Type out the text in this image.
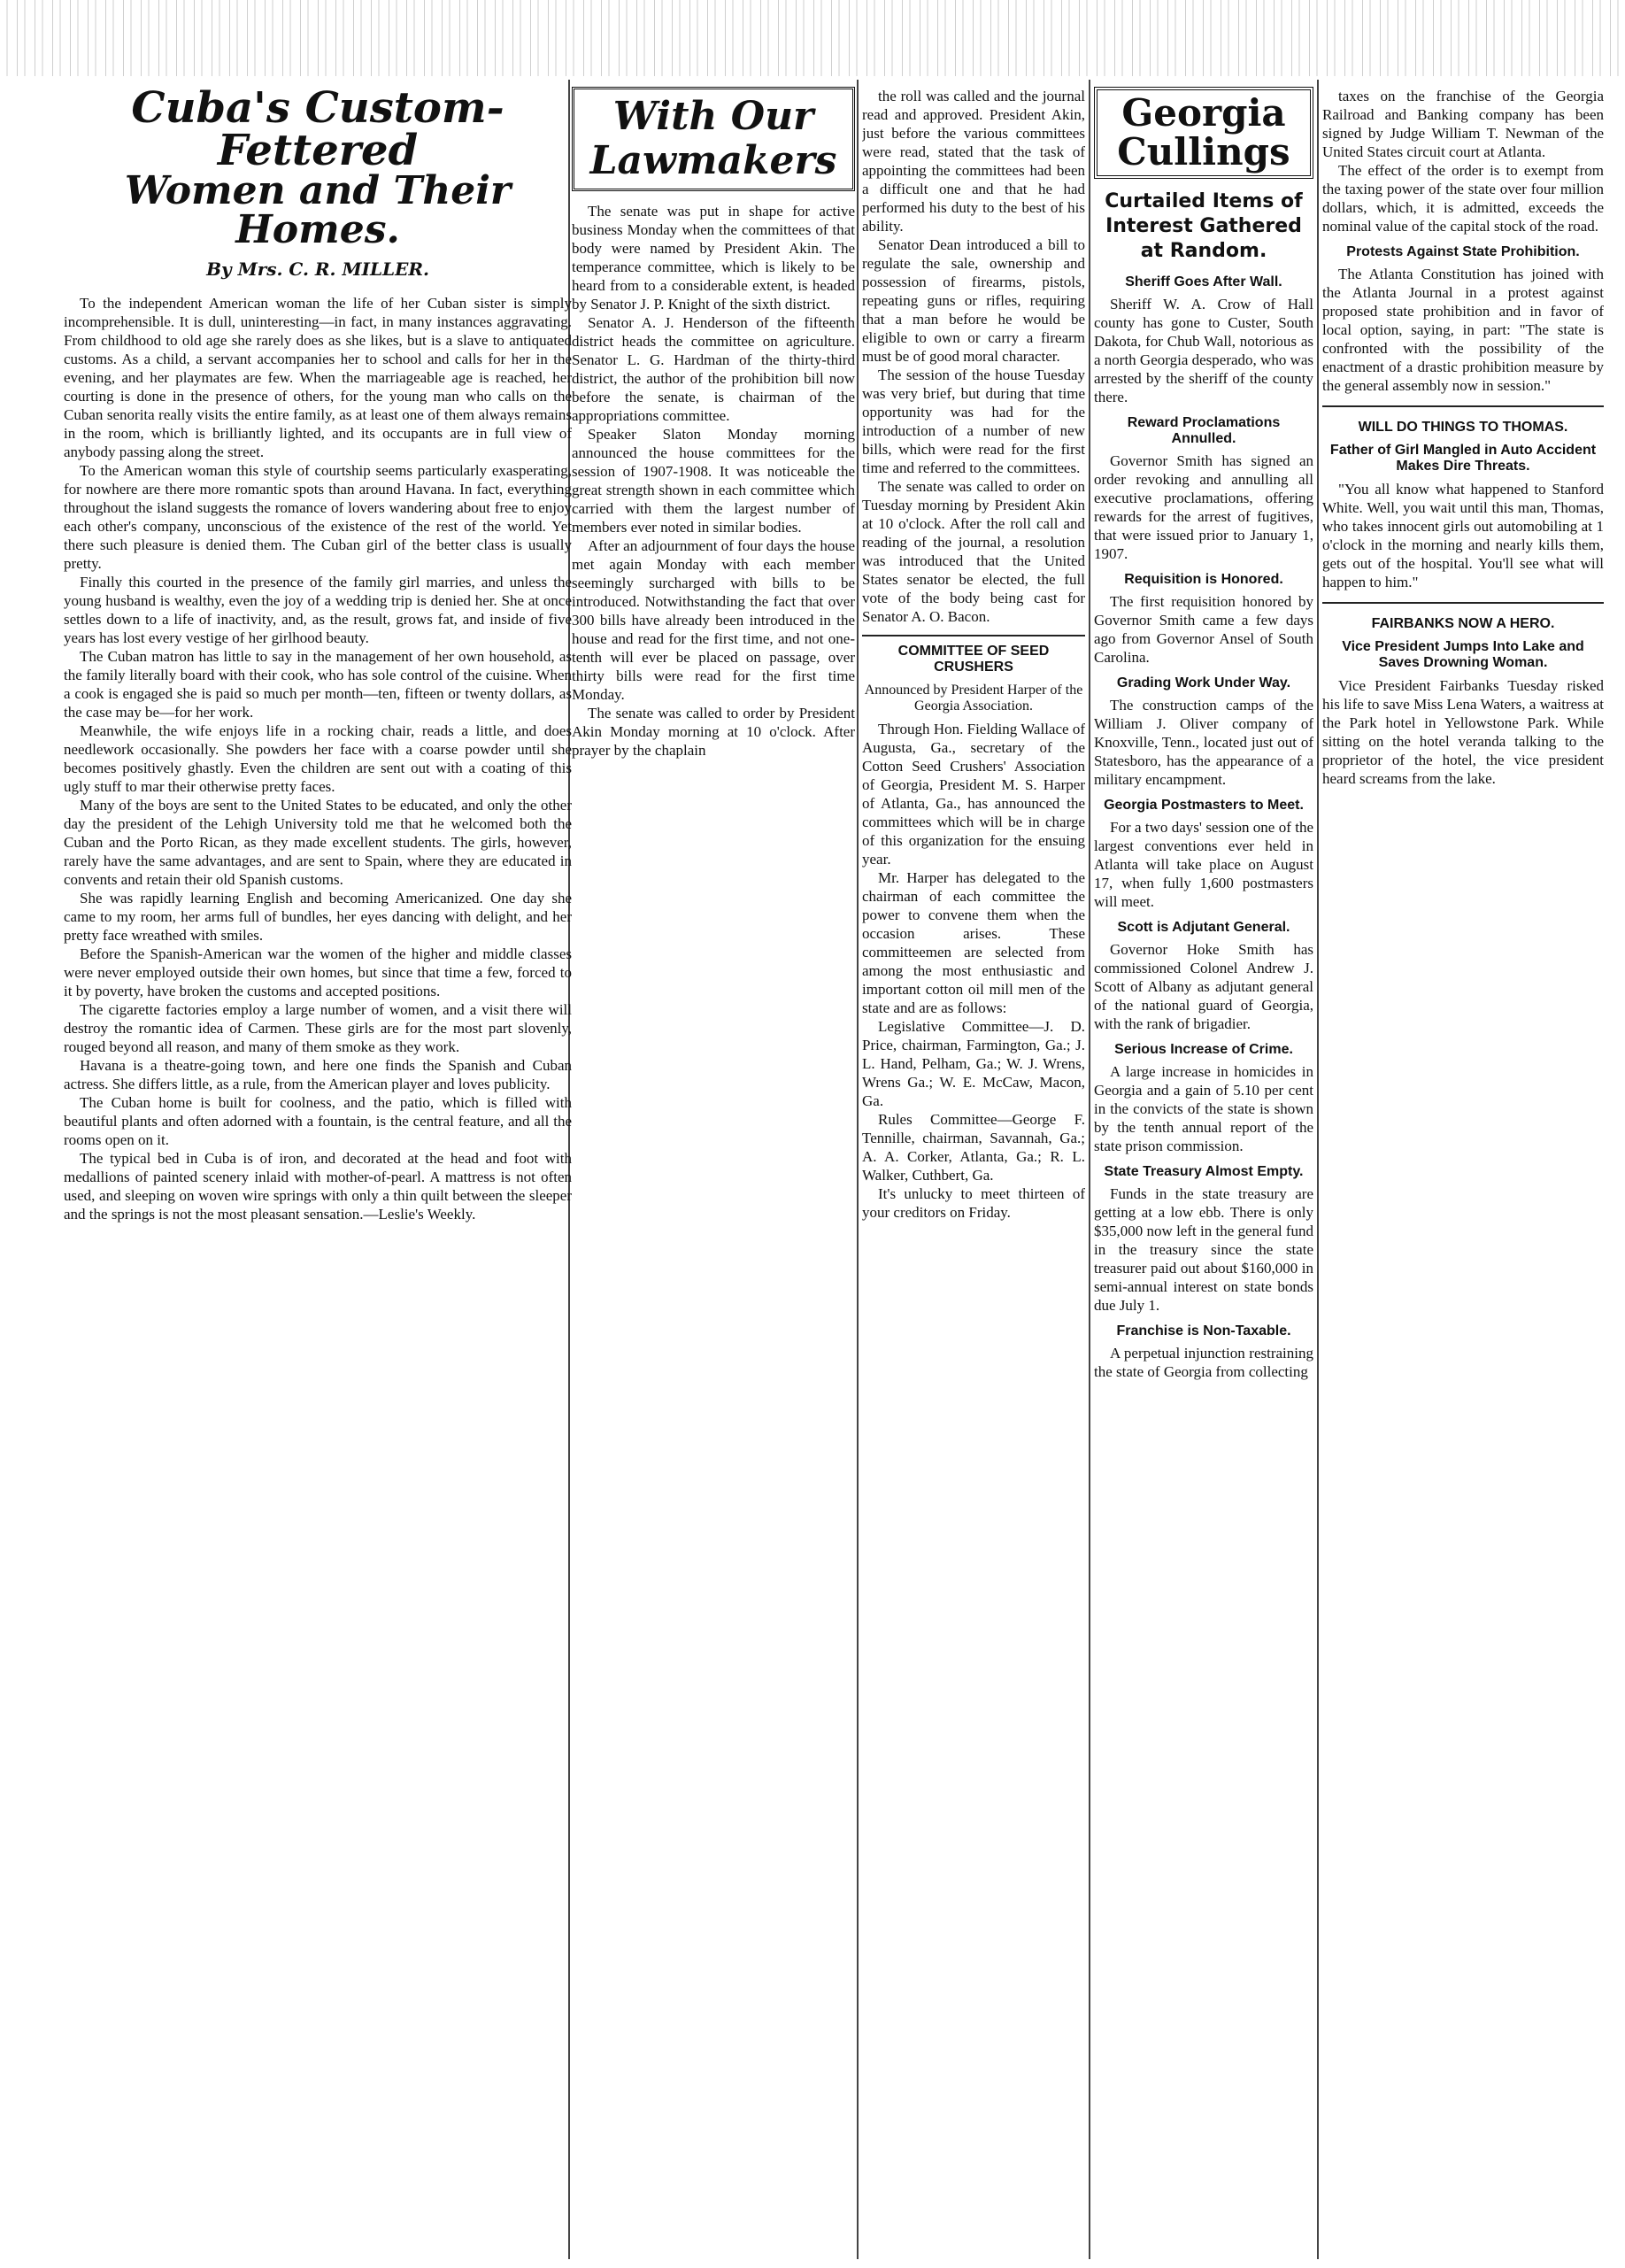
Cuba's Custom-Fettered
Women and Their Homes.
By Mrs. C. R. MILLER.

To the independent American woman the life of her Cuban sister is simply incomprehensible. It is dull, uninteresting—in fact, in many instances aggravating. From childhood to old age she rarely does as she likes, but is a slave to antiquated customs. As a child, a servant accompanies her to school and calls for her in the evening, and her playmates are few. When the marriageable age is reached, her courting is done in the presence of others, for the young man who calls on the Cuban senorita really visits the entire family, as at least one of them always remains in the room, which is brilliantly lighted, and its occupants are in full view of anybody passing along the street.

To the American woman this style of courtship seems particularly exasperating, for nowhere are there more romantic spots than around Havana. In fact, everything throughout the island suggests the romance of lovers wandering about free to enjoy each other's company, unconscious of the existence of the rest of the world. Yet there such pleasure is denied them. The Cuban girl of the better class is usually pretty.

Finally this courted in the presence of the family girl marries, and unless the young husband is wealthy, even the joy of a wedding trip is denied her. She at once settles down to a life of inactivity, and, as the result, grows fat, and inside of five years has lost every vestige of her girlhood beauty.

The Cuban matron has little to say in the management of her own household, as the family literally board with their cook, who has sole control of the cuisine. When a cook is engaged she is paid so much per month—ten, fifteen or twenty dollars, as the case may be—for her work.

Meanwhile, the wife enjoys life in a rocking chair, reads a little, and does needlework occasionally. She powders her face with a coarse powder until she becomes positively ghastly. Even the children are sent out with a coating of this ugly stuff to mar their otherwise pretty faces.

Many of the boys are sent to the United States to be educated, and only the other day the president of the Lehigh University told me that he welcomed both the Cuban and the Porto Rican, as they made excellent students. The girls, however, rarely have the same advantages, and are sent to Spain, where they are educated in convents and retain their old Spanish customs.

She was rapidly learning English and becoming Americanized. One day she came to my room, her arms full of bundles, her eyes dancing with delight, and her pretty face wreathed with smiles.

Before the Spanish-American war the women of the higher and middle classes were never employed outside their own homes, but since that time a few, forced to it by poverty, have broken the customs and accepted positions.

The cigarette factories employ a large number of women, and a visit there will destroy the romantic idea of Carmen. These girls are for the most part slovenly, rouged beyond all reason, and many of them smoke as they work.

Havana is a theatre-going town, and here one finds the Spanish and Cuban actress. She differs little, as a rule, from the American player and loves publicity.

The Cuban home is built for coolness, and the patio, which is filled with beautiful plants and often adorned with a fountain, is the central feature, and all the rooms open on it.

The typical bed in Cuba is of iron, and decorated at the head and foot with medallions of painted scenery inlaid with mother-of-pearl. A mattress is not often used, and sleeping on woven wire springs with only a thin quilt between the sleeper and the springs is not the most pleasant sensation.—Leslie's Weekly.

With Our Lawmakers

The senate was put in shape for active business Monday when the committees of that body were named by President Akin. The temperance committee, which is likely to be heard from to a considerable extent, is headed by Senator J. P. Knight of the sixth district.

Senator A. J. Henderson of the fifteenth district heads the committee on agriculture. Senator L. G. Hardman of the thirty-third district, the author of the prohibition bill now before the senate, is chairman of the appropriations committee.

Speaker Slaton Monday morning announced the house committees for the session of 1907-1908. It was noticeable the great strength shown in each committee which carried with them the largest number of members ever noted in similar bodies.

After an adjournment of four days the house met again Monday with each member seemingly surcharged with bills to be introduced. Notwithstanding the fact that over 300 bills have already been introduced in the house and read for the first time, and not one-tenth will ever be placed on passage, over thirty bills were read for the first time Monday.

The senate was called to order by President Akin Monday morning at 10 o'clock. After prayer by the chaplain

the roll was called and the journal read and approved. President Akin, just before the various committees were read, stated that the task of appointing the committees had been a difficult one and that he had performed his duty to the best of his ability.

Senator Dean introduced a bill to regulate the sale, ownership and possession of firearms, pistols, repeating guns or rifles, requiring that a man before he would be eligible to own or carry a firearm must be of good moral character.

The session of the house Tuesday was very brief, but during that time opportunity was had for the introduction of a number of new bills, which were read for the first time and referred to the committees.

The senate was called to order on Tuesday morning by President Akin at 10 o'clock. After the roll call and reading of the journal, a resolution was introduced that the United States senator be elected, the full vote of the body being cast for Senator A. O. Bacon.

COMMITTEE OF SEED CRUSHERS
Announced by President Harper of the Georgia Association.

Through Hon. Fielding Wallace of Augusta, Ga., secretary of the Cotton Seed Crushers' Association of Georgia, President M. S. Harper of Atlanta, Ga., has announced the committees which will be in charge of this organization for the ensuing year.

Mr. Harper has delegated to the chairman of each committee the power to convene them when the occasion arises. These committeemen are selected from among the most enthusiastic and important cotton oil mill men of the state and are as follows:

Legislative Committee—J. D. Price, chairman, Farmington, Ga.; J. L. Hand, Pelham, Ga.; W. J. Wrens, Wrens Ga.; W. E. McCaw, Macon, Ga.

Rules Committee—George F. Tennille, chairman, Savannah, Ga.; A. A. Corker, Atlanta, Ga.; R. L. Walker, Cuthbert, Ga.

It's unlucky to meet thirteen of your creditors on Friday.

Georgia Cullings
Curtailed Items of Interest Gathered at Random.
Sheriff Goes After Wall.

Sheriff W. A. Crow of Hall county has gone to Custer, South Dakota, for Chub Wall, notorious as a north Georgia desperado, who was arrested by the sheriff of the county there.

Reward Proclamations Annulled.

Governor Smith has signed an order revoking and annulling all executive proclamations, offering rewards for the arrest of fugitives, that were issued prior to January 1, 1907.

Requisition is Honored.

The first requisition honored by Governor Smith came a few days ago from Governor Ansel of South Carolina.

Grading Work Under Way.

The construction camps of the William J. Oliver company of Knoxville, Tenn., located just out of Statesboro, has the appearance of a military encampment.

Georgia Postmasters to Meet.

For a two days' session one of the largest conventions ever held in Atlanta will take place on August 17, when fully 1,600 postmasters will meet.

Scott is Adjutant General.

Governor Hoke Smith has commissioned Colonel Andrew J. Scott of Albany as adjutant general of the national guard of Georgia, with the rank of brigadier.

Serious Increase of Crime.

A large increase in homicides in Georgia and a gain of 5.10 per cent in the convicts of the state is shown by the tenth annual report of the state prison commission.

State Treasury Almost Empty.

Funds in the state treasury are getting at a low ebb. There is only $35,000 now left in the general fund in the treasury since the state treasurer paid out about $160,000 in semi-annual interest on state bonds due July 1.

Franchise is Non-Taxable.

A perpetual injunction restraining the state of Georgia from collecting

taxes on the franchise of the Georgia Railroad and Banking company has been signed by Judge William T. Newman of the United States circuit court at Atlanta.

The effect of the order is to exempt from the taxing power of the state over four million dollars, which, it is admitted, exceeds the nominal value of the capital stock of the road.

Protests Against State Prohibition.

The Atlanta Constitution has joined with the Atlanta Journal in a protest against proposed state prohibition and in favor of local option, saying, in part: "The state is confronted with the possibility of the enactment of a drastic prohibition measure by the general assembly now in session."

WILL DO THINGS TO THOMAS.
Father of Girl Mangled in Auto Accident Makes Dire Threats.

"You all know what happened to Stanford White. Well, you wait until this man, Thomas, who takes innocent girls out automobiling at 1 o'clock in the morning and nearly kills them, gets out of the hospital. You'll see what will happen to him."

FAIRBANKS NOW A HERO.
Vice President Jumps Into Lake and Saves Drowning Woman.

Vice President Fairbanks Tuesday risked his life to save Miss Lena Waters, a waitress at the Park hotel in Yellowstone Park. While sitting on the hotel veranda talking to the proprietor of the hotel, the vice president heard screams from the lake.
